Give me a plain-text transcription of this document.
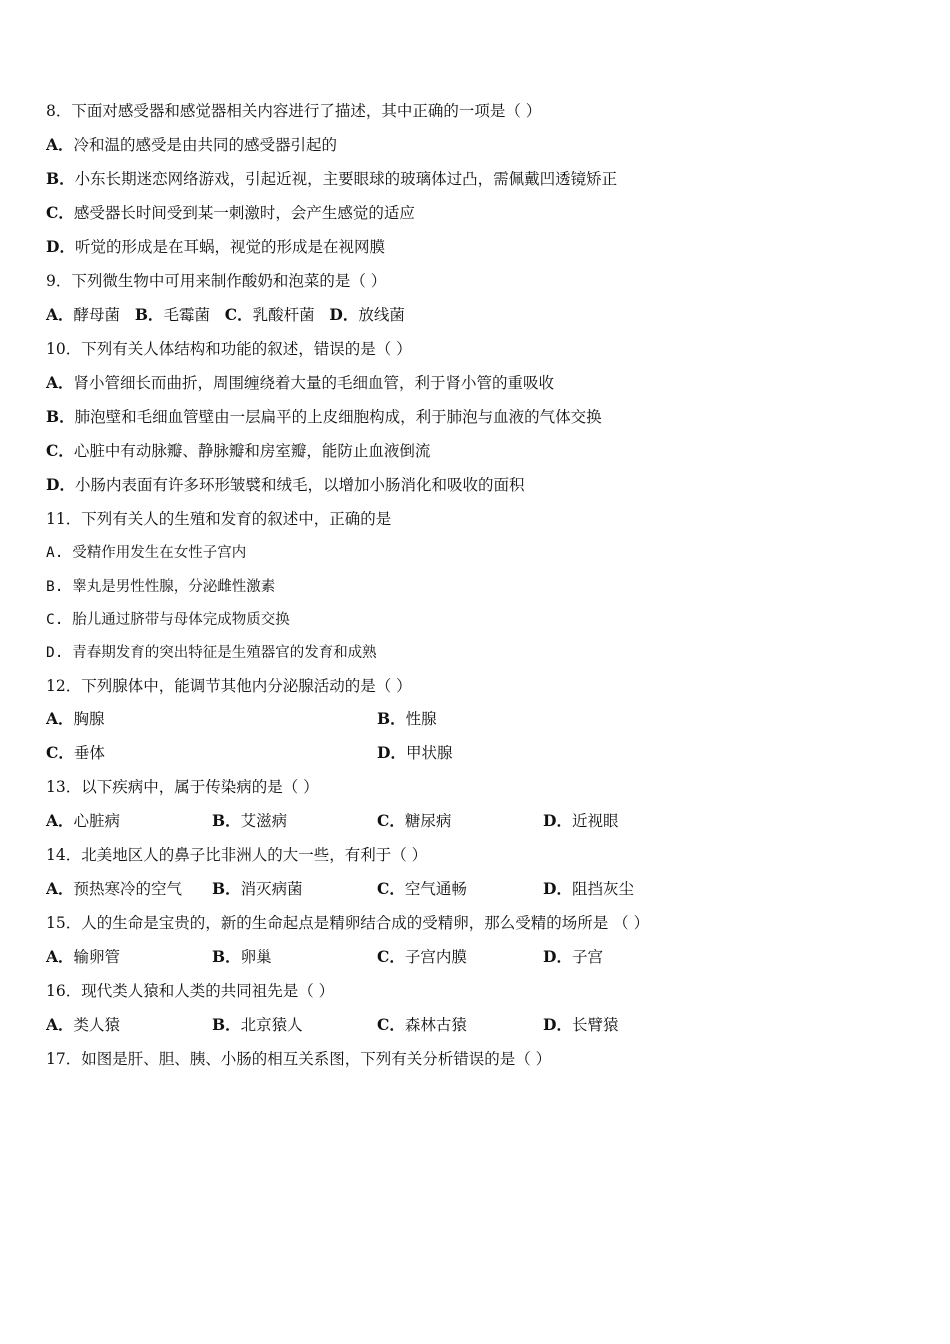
8．下面对感受器和感觉器相关内容进行了描述，其中正确的一项是（ ）
A．冷和温的感受是由共同的感受器引起的
B．小东长期迷恋网络游戏，引起近视，主要眼球的玻璃体过凸，需佩戴凹透镜矫正
C．感受器长时间受到某一刺激时，会产生感觉的适应
D．听觉的形成是在耳蜗，视觉的形成是在视网膜
9．下列微生物中可用来制作酸奶和泡菜的是（ ）
A．酵母菌 B．毛霉菌 C．乳酸杆菌 D．放线菌
10．下列有关人体结构和功能的叙述，错误的是（ ）
A．肾小管细长而曲折，周围缠绕着大量的毛细血管，利于肾小管的重吸收
B．肺泡壁和毛细血管壁由一层扁平的上皮细胞构成，利于肺泡与血液的气体交换
C．心脏中有动脉瓣、静脉瓣和房室瓣，能防止血液倒流
D．小肠内表面有许多环形皱襞和绒毛，以增加小肠消化和吸收的面积
11．下列有关人的生殖和发育的叙述中，正确的是
A. 受精作用发生在女性子宫内
B. 睾丸是男性性腺，分泌雌性激素
C. 胎儿通过脐带与母体完成物质交换
D. 青春期发育的突出特征是生殖器官的发育和成熟
12．下列腺体中，能调节其他内分泌腺活动的是（ ）
A．胸腺	B．性腺
C．垂体	D．甲状腺
13．以下疾病中，属于传染病的是（ ）
A．心脏病	B．艾滋病	C．糖尿病	D．近视眼
14．北美地区人的鼻子比非洲人的大一些，有利于（ ）
A．预热寒冷的空气 B．消灭病菌	C．空气通畅	D．阻挡灰尘
15．人的生命是宝贵的，新的生命起点是精卵结合成的受精卵，那么受精的场所是 （ ）
A．输卵管	B．卵巢	C．子宫内膜	D．子宫
16．现代类人猿和人类的共同祖先是（ ）
A．类人猿	B．北京猿人	C．森林古猿	D．长臂猿
17．如图是肝、胆、胰、小肠的相互关系图，下列有关分析错误的是（ ）
